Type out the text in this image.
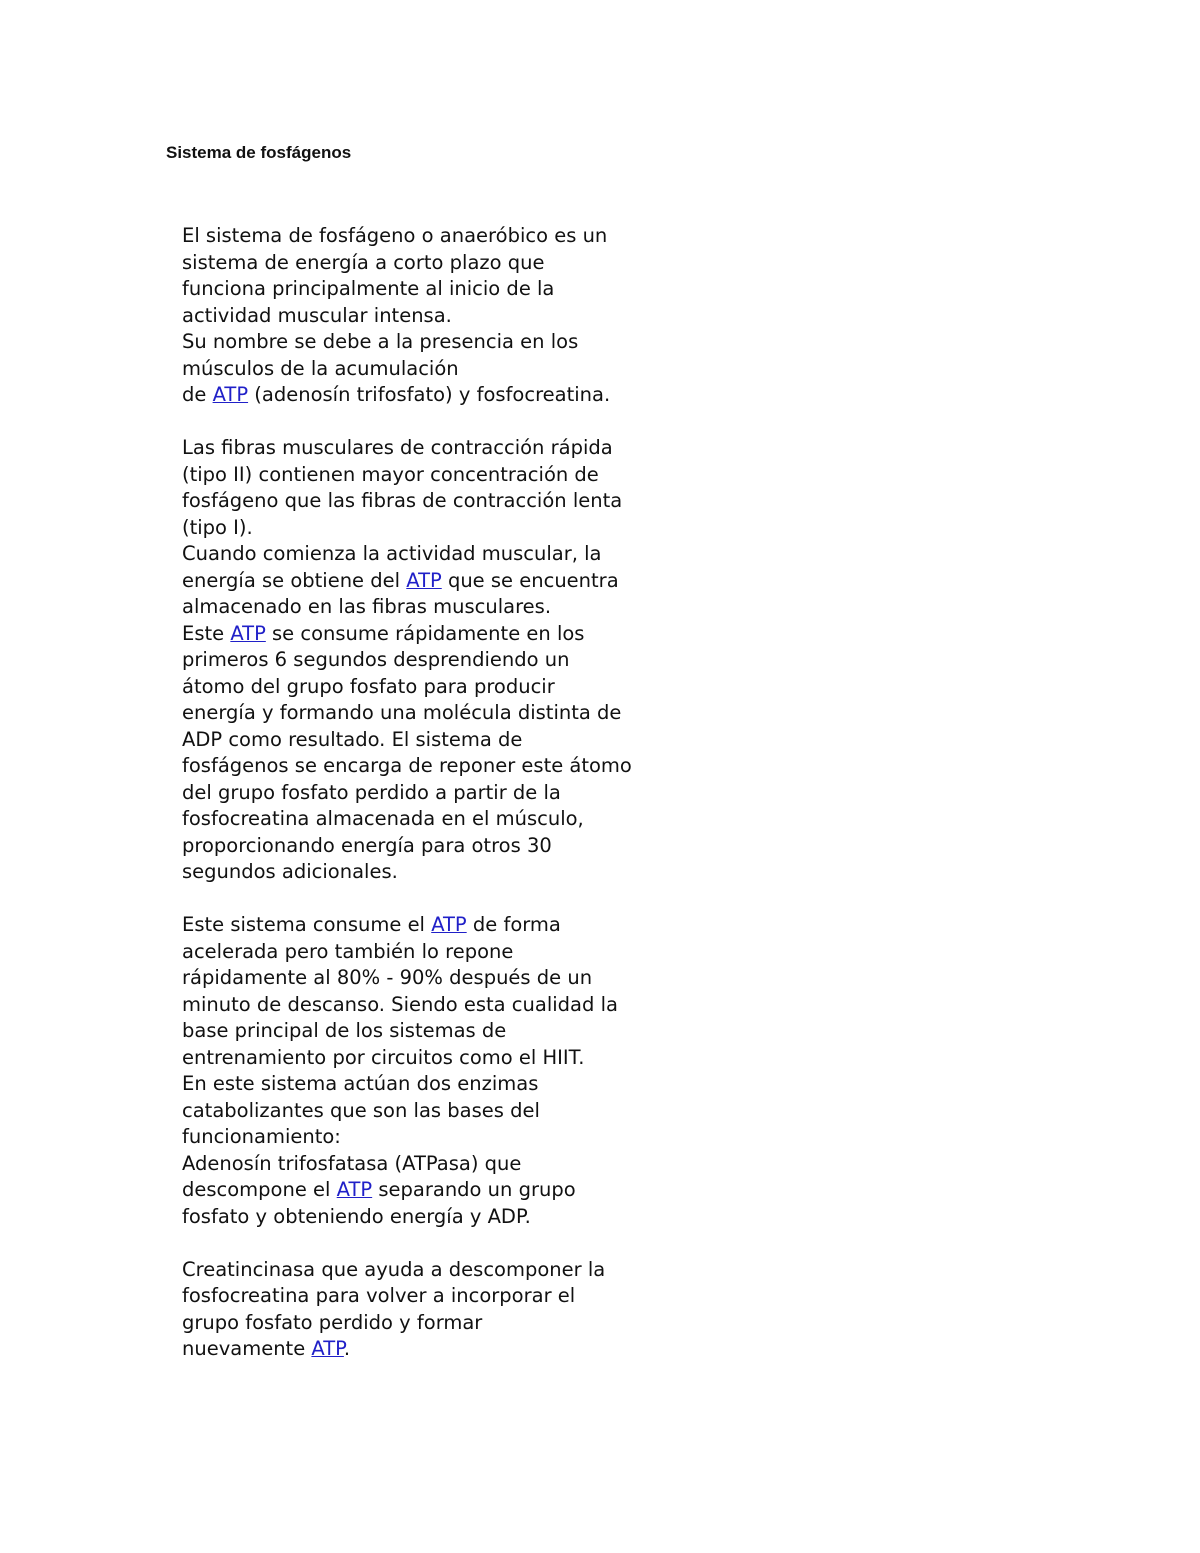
Sistema de fosfágenos
El sistema de fosfágeno o anaeróbico es un
sistema de energía a corto plazo que
funciona principalmente al inicio de la
actividad muscular intensa.
Su nombre se debe a la presencia en los
músculos de la acumulación
de ATP (adenosín trifosfato) y fosfocreatina.
Las fibras musculares de contracción rápida
(tipo II) contienen mayor concentración de
fosfágeno que las fibras de contracción lenta
(tipo I).
Cuando comienza la actividad muscular, la
energía se obtiene del ATP que se encuentra
almacenado en las fibras musculares.
Este ATP se consume rápidamente en los
primeros 6 segundos desprendiendo un
átomo del grupo fosfato para producir
energía y formando una molécula distinta de
ADP como resultado. El sistema de
fosfágenos se encarga de reponer este átomo
del grupo fosfato perdido a partir de la
fosfocreatina almacenada en el músculo,
proporcionando energía para otros 30
segundos adicionales.
Este sistema consume el ATP de forma
acelerada pero también lo repone
rápidamente al 80% - 90% después de un
minuto de descanso. Siendo esta cualidad la
base principal de los sistemas de
entrenamiento por circuitos como el HIIT.
En este sistema actúan dos enzimas
catabolizantes que son las bases del
funcionamiento:
Adenosín trifosfatasa (ATPasa) que
descompone el ATP separando un grupo
fosfato y obteniendo energía y ADP.
Creatincinasa que ayuda a descomponer la
fosfocreatina para volver a incorporar el
grupo fosfato perdido y formar
nuevamente ATP.
